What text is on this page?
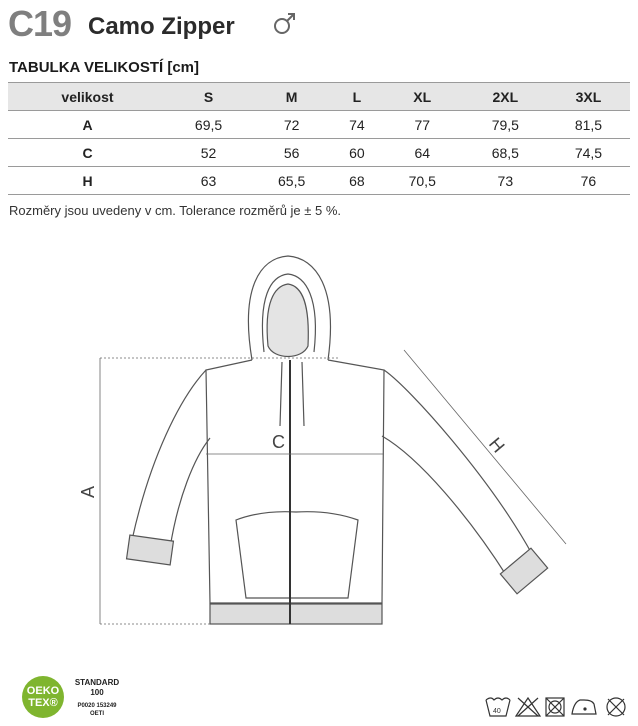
C19 Camo Zipper
TABULKA VELIKOSTÍ [cm]
velikost	S	M	L	XL	2XL	3XL
A	69,5	72	74	77	79,5	81,5
C	52	56	60	64	68,5	74,5
H	63	65,5	68	70,5	73	76
Rozměry jsou uvedeny v cm. Tolerance rozměrů je ± 5 %.
A
C	H
OEKO
TEX®
STANDARD
100
P0020 153249
OETI	40
